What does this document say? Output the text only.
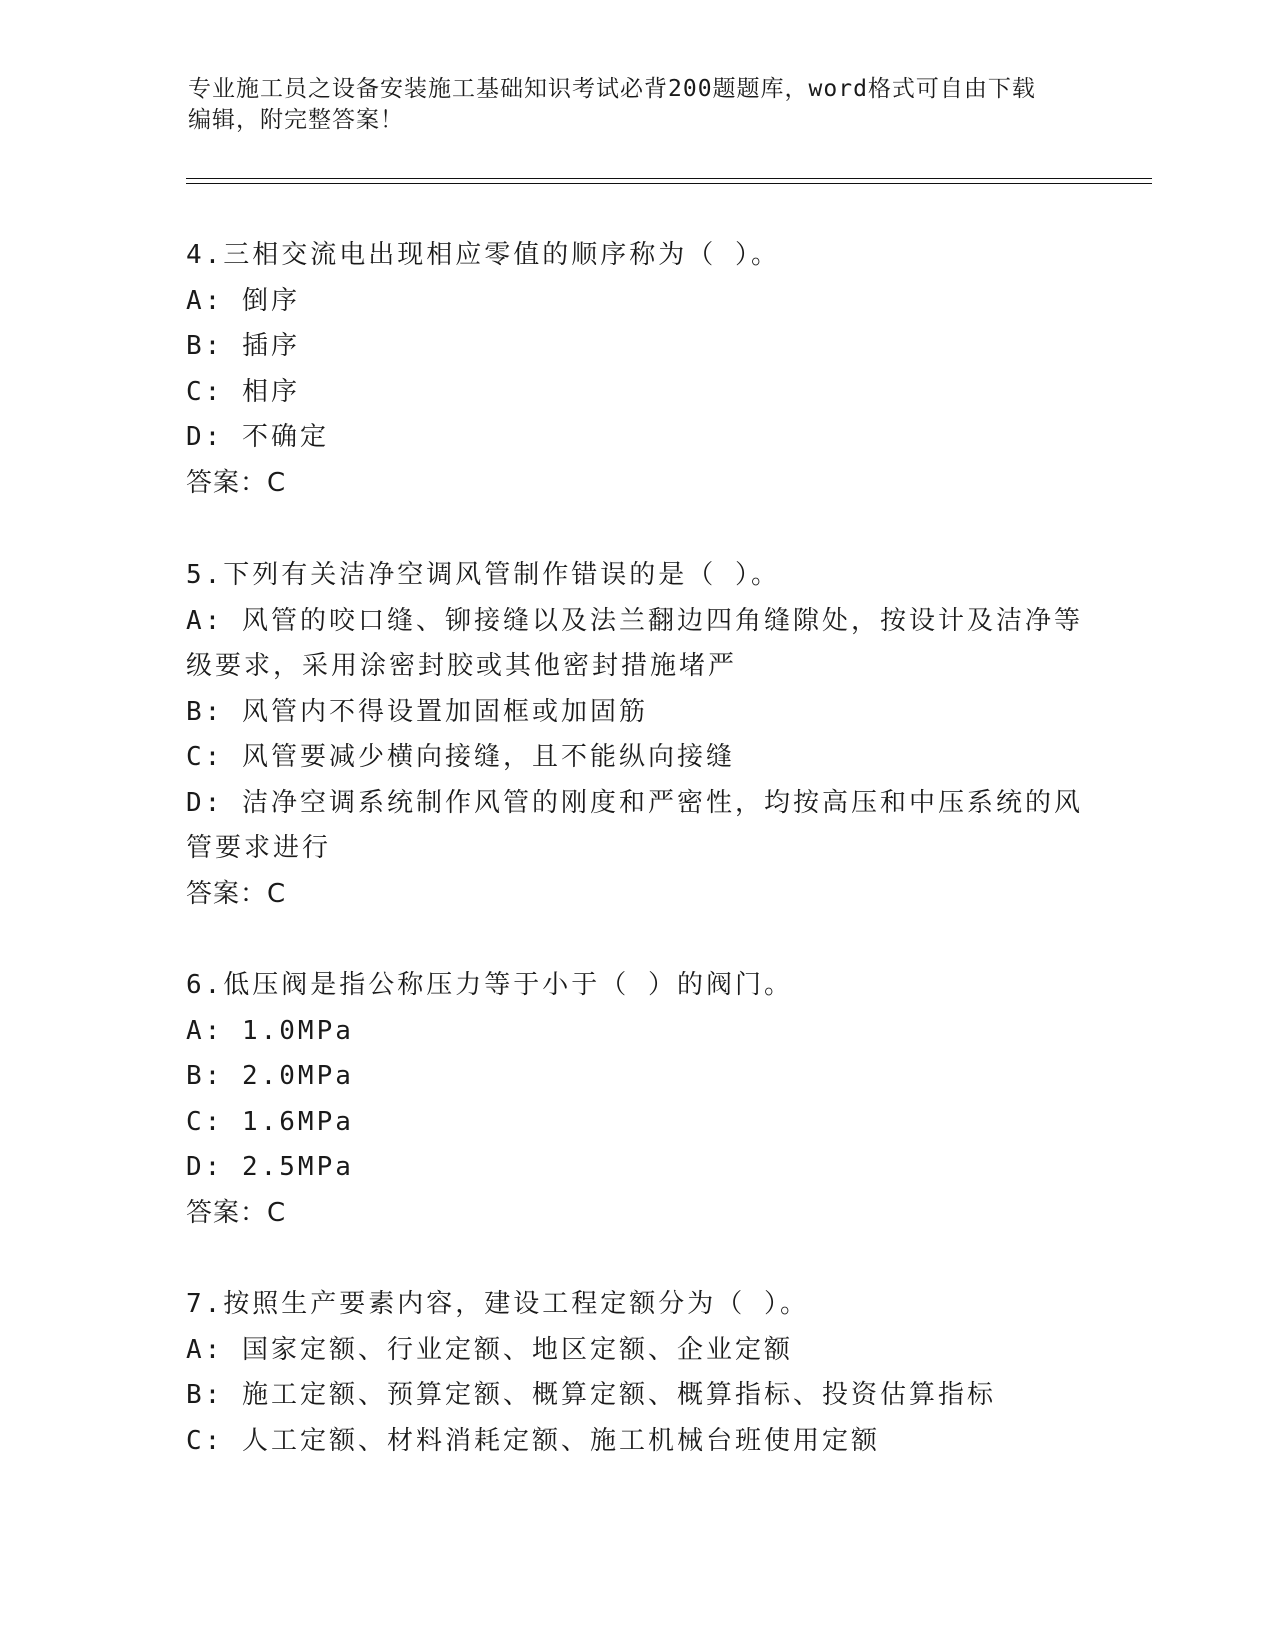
专业施工员之设备安装施工基础知识考试必背200题题库，word格式可自由下载
编辑，附完整答案！
4.三相交流电出现相应零值的顺序称为（ ）。
A: 倒序
B: 插序
C: 相序
D: 不确定
答案：C
5.下列有关洁净空调风管制作错误的是（ ）。
A: 风管的咬口缝、铆接缝以及法兰翻边四角缝隙处，按设计及洁净等
级要求，采用涂密封胶或其他密封措施堵严
B: 风管内不得设置加固框或加固筋
C: 风管要减少横向接缝，且不能纵向接缝
D: 洁净空调系统制作风管的刚度和严密性，均按高压和中压系统的风
管要求进行
答案：C
6.低压阀是指公称压力等于小于（ ）的阀门。
A: 1.0MPa
B: 2.0MPa
C: 1.6MPa
D: 2.5MPa
答案：C
7.按照生产要素内容，建设工程定额分为（ ）。
A: 国家定额、行业定额、地区定额、企业定额
B: 施工定额、预算定额、概算定额、概算指标、投资估算指标
C: 人工定额、材料消耗定额、施工机械台班使用定额
